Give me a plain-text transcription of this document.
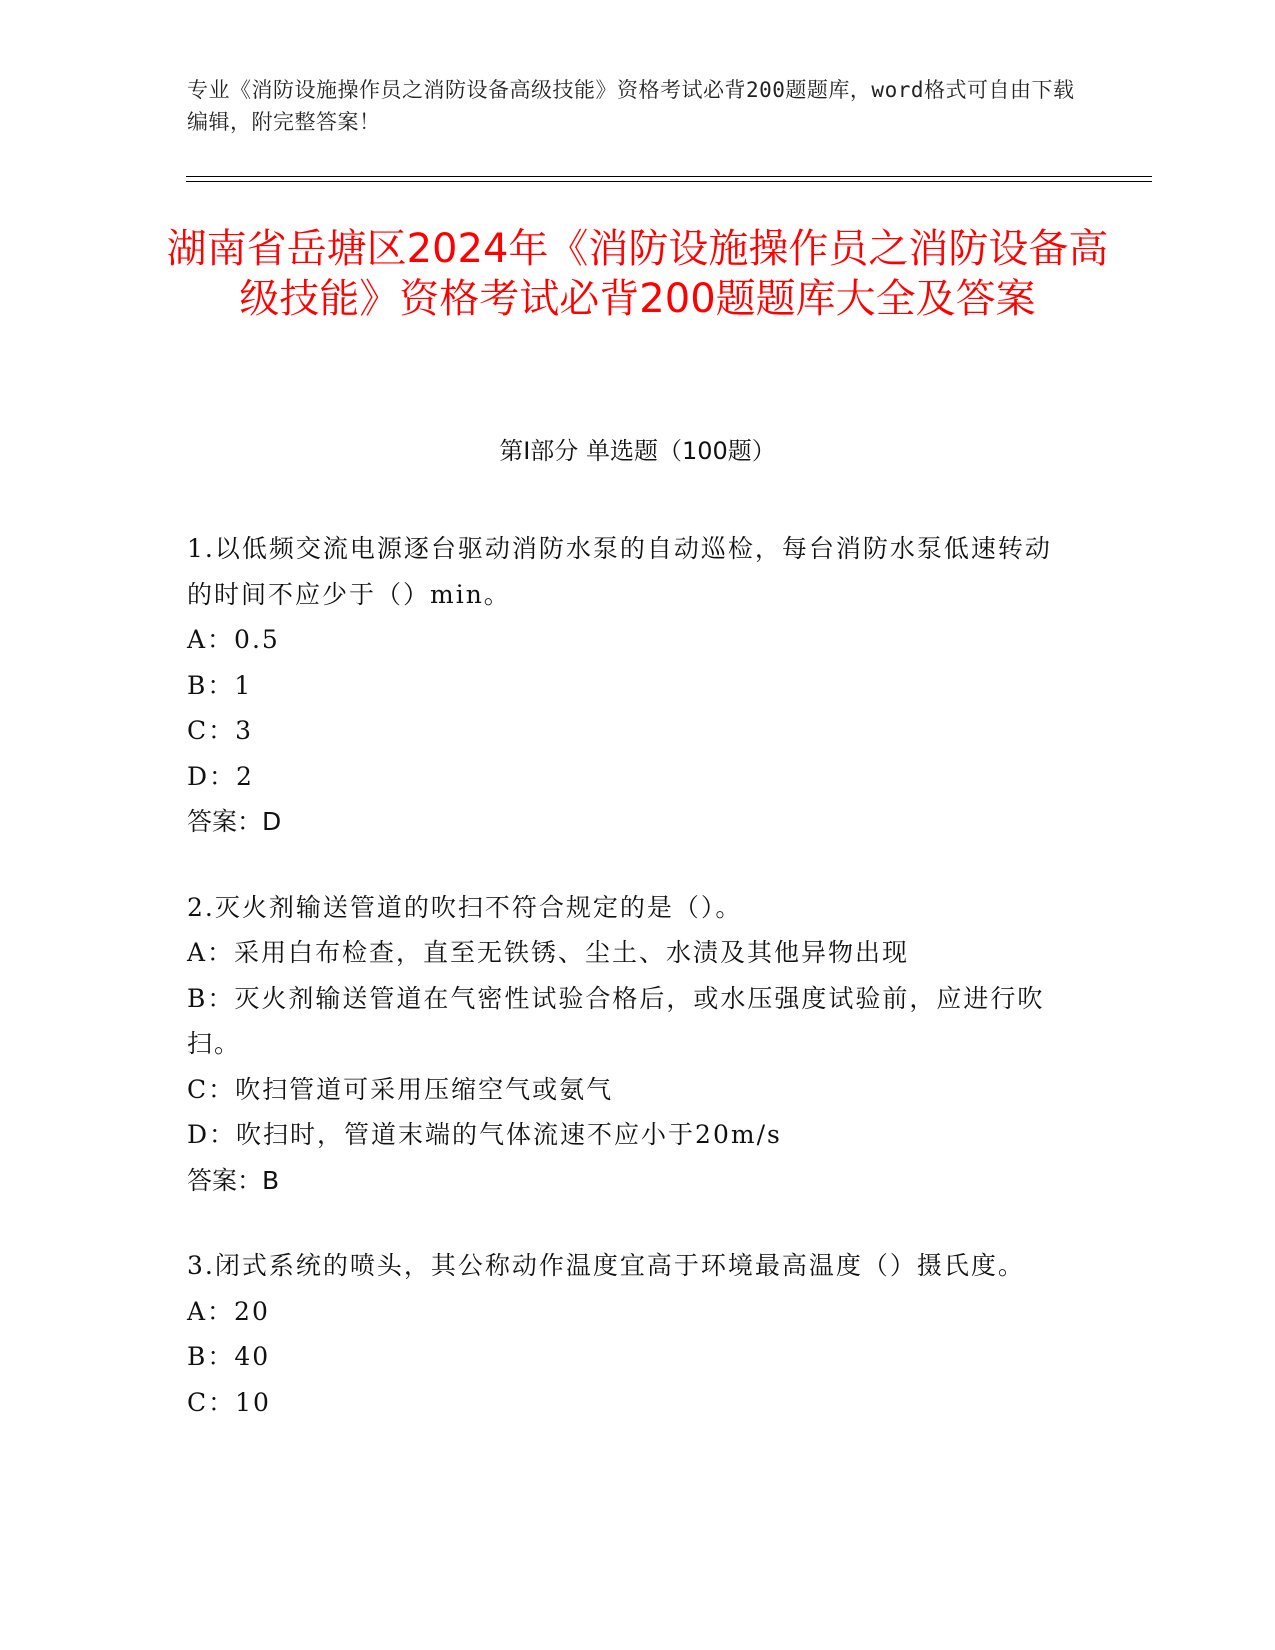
专业《消防设施操作员之消防设备高级技能》资格考试必背200题题库，word格式可自由下载编辑，附完整答案！
湖南省岳塘区2024年《消防设施操作员之消防设备高级技能》资格考试必背200题题库大全及答案
第Ⅰ部分 单选题（100题）
1.以低频交流电源逐台驱动消防水泵的自动巡检，每台消防水泵低速转动的时间不应少于（）min。
A：0.5
B：1
C：3
D：2
答案：D
2.灭火剂输送管道的吹扫不符合规定的是（）。
A：采用白布检查，直至无铁锈、尘土、水渍及其他异物出现
B：灭火剂输送管道在气密性试验合格后，或水压强度试验前，应进行吹扫。
C：吹扫管道可采用压缩空气或氨气
D：吹扫时，管道末端的气体流速不应小于20m/s
答案：B
3.闭式系统的喷头，其公称动作温度宜高于环境最高温度（）摄氏度。
A：20
B：40
C：10
